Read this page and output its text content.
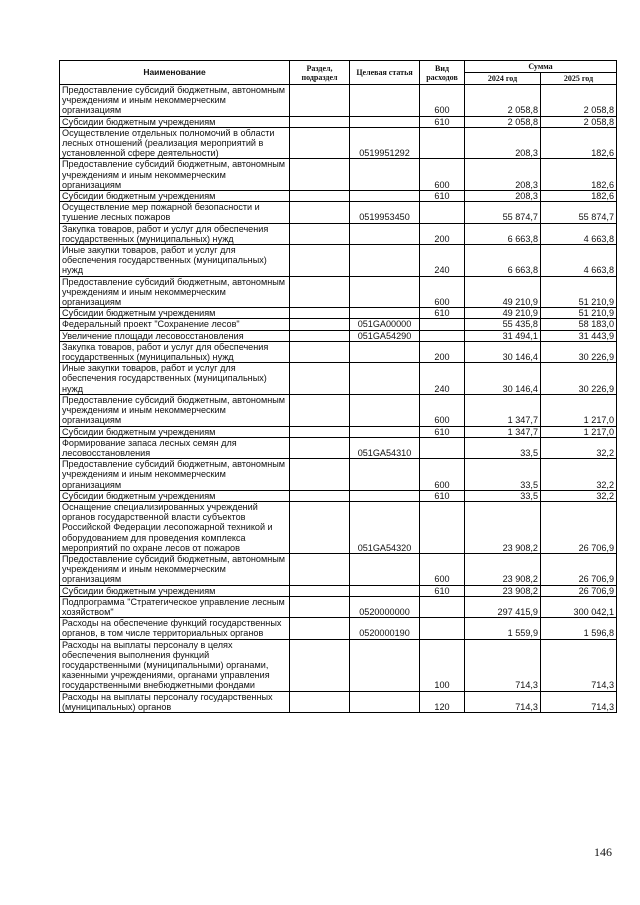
Наименование	Раздел, подраздел	Целевая статья	Вид расходов	Сумма	
				2024 год	2025 год
Предоставление субсидий бюджетным, автономным учреждениям и иным некоммерческим организациям			600	2 058,8	2 058,8
Субсидии бюджетным учреждениям			610	2 058,8	2 058,8
Осуществление отдельных полномочий в области лесных отношений (реализация мероприятий в установленной сфере деятельности)		0519951292		208,3	182,6
Предоставление субсидий бюджетным, автономным учреждениям и иным некоммерческим организациям			600	208,3	182,6
Субсидии бюджетным учреждениям			610	208,3	182,6
Осуществление мер пожарной безопасности и тушение лесных пожаров		0519953450		55 874,7	55 874,7
Закупка товаров, работ и услуг для обеспечения государственных (муниципальных) нужд			200	6 663,8	4 663,8
Иные закупки товаров, работ и услуг для обеспечения государственных (муниципальных) нужд			240	6 663,8	4 663,8
Предоставление субсидий бюджетным, автономным учреждениям и иным некоммерческим организациям			600	49 210,9	51 210,9
Субсидии бюджетным учреждениям			610	49 210,9	51 210,9
Федеральный проект "Сохранение лесов"		051GA00000		55 435,8	58 183,0
Увеличение площади лесовосстановления		051GA54290		31 494,1	31 443,9
Закупка товаров, работ и услуг для обеспечения государственных (муниципальных) нужд			200	30 146,4	30 226,9
Иные закупки товаров, работ и услуг для обеспечения государственных (муниципальных) нужд			240	30 146,4	30 226,9
Предоставление субсидий бюджетным, автономным учреждениям и иным некоммерческим организациям			600	1 347,7	1 217,0
Субсидии бюджетным учреждениям			610	1 347,7	1 217,0
Формирование запаса лесных семян для лесовосстановления		051GA54310		33,5	32,2
Предоставление субсидий бюджетным, автономным учреждениям и иным некоммерческим организациям			600	33,5	32,2
Субсидии бюджетным учреждениям			610	33,5	32,2
Оснащение специализированных учреждений органов государственной власти субъектов Российской Федерации лесопожарной техникой и оборудованием для проведения комплекса мероприятий по охране лесов от пожаров		051GA54320		23 908,2	26 706,9
Предоставление субсидий бюджетным, автономным учреждениям и иным некоммерческим организациям			600	23 908,2	26 706,9
Субсидии бюджетным учреждениям			610	23 908,2	26 706,9
Подпрограмма "Стратегическое управление лесным хозяйством"		0520000000		297 415,9	300 042,1
Расходы на обеспечение функций государственных органов, в том числе территориальных органов		0520000190		1 559,9	1 596,8
Расходы на выплаты персоналу в целях обеспечения выполнения функций государственными (муниципальными) органами, казенными учреждениями, органами управления государственными внебюджетными фондами			100	714,3	714,3
Расходы на выплаты персоналу государственных (муниципальных) органов			120	714,3	714,3
146
